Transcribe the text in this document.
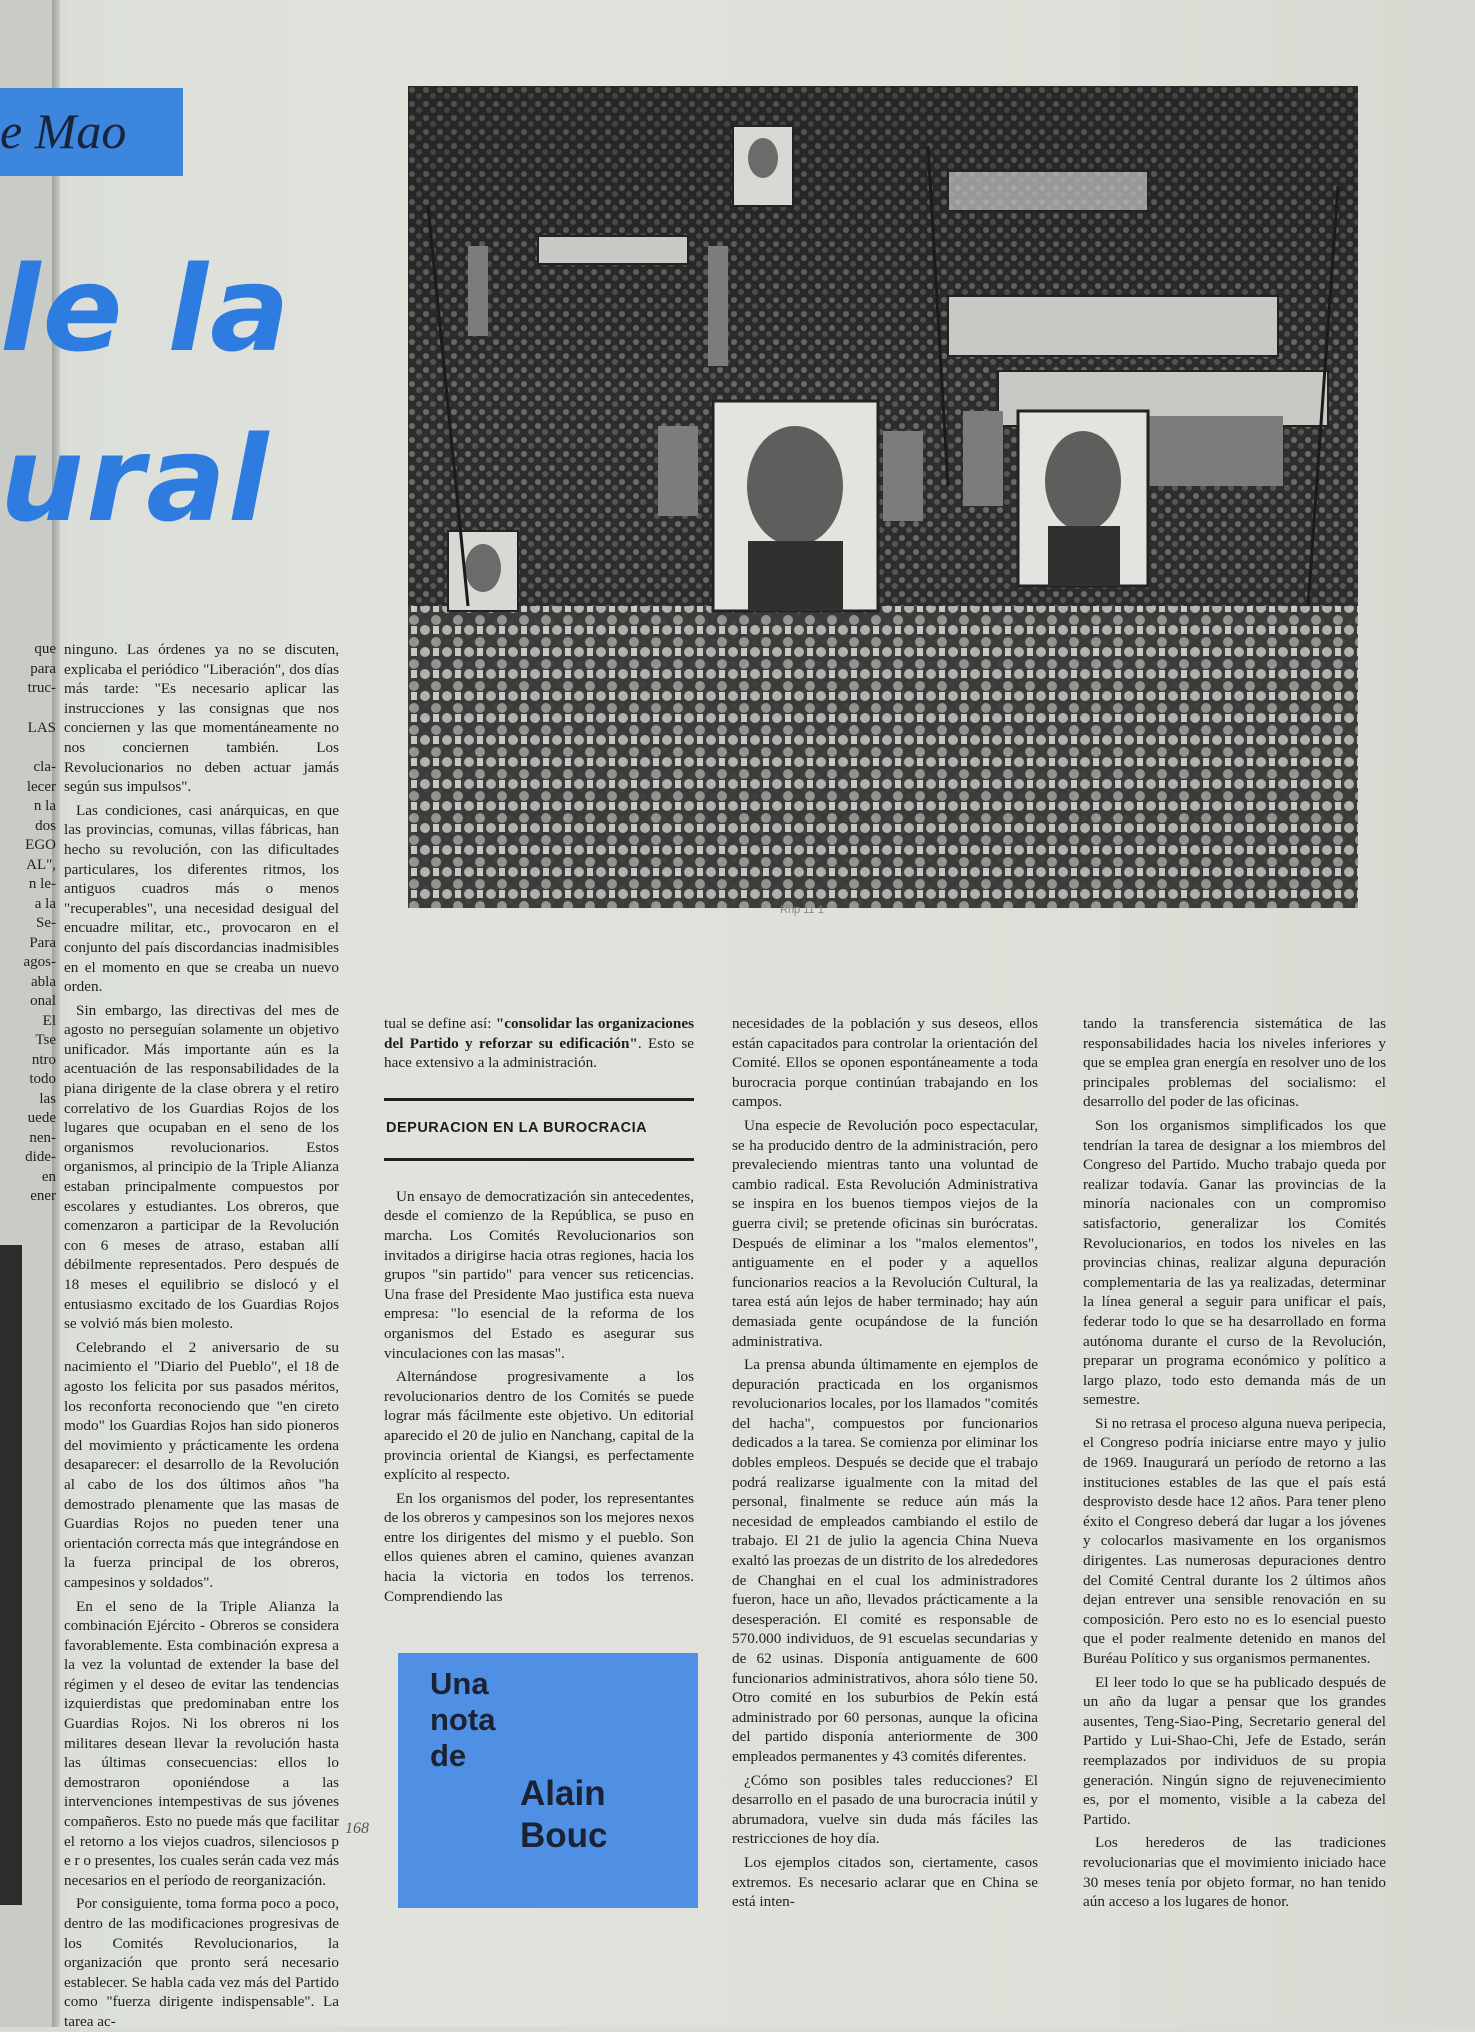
e Mao
le la
ural
que
para
truc-
LAS
cla-
lecer
n la
dos
EGO
AL",
n le-
a la
Se-
Para
agos-
abla
onal
El
Tse
ntro
todo
las
uede
nen-
dide-
en
ener
Rhp 11 1

ninguno. Las órdenes ya no se discuten, explicaba el periódico "Liberación", dos días más tarde: "Es necesario aplicar las instrucciones y las consignas que nos conciernen y las que momentáneamente no nos conciernen también. Los Revolucionarios no deben actuar jamás según sus impulsos".

Las condiciones, casi anárquicas, en que las provincias, comunas, villas fábricas, han hecho su revolución, con las dificultades particulares, los diferentes ritmos, los antiguos cuadros más o menos "recuperables", una necesidad desigual del encuadre militar, etc., provocaron en el conjunto del país discordancias inadmisibles en el momento en que se creaba un nuevo orden.

Sin embargo, las directivas del mes de agosto no perseguían solamente un objetivo unificador. Más importante aún es la acentuación de las responsabilidades de la piana dirigente de la clase obrera y el retiro correlativo de los Guardias Rojos de los lugares que ocupaban en el seno de los organismos revolucionarios. Estos organismos, al principio de la Triple Alianza estaban principalmente compuestos por escolares y estudiantes. Los obreros, que comenzaron a participar de la Revolución con 6 meses de atraso, estaban allí débilmente representados. Pero después de 18 meses el equilibrio se dislocó y el entusiasmo excitado de los Guardias Rojos se volvió más bien molesto.

Celebrando el 2 aniversario de su nacimiento el "Diario del Pueblo", el 18 de agosto los felicita por sus pasados méritos, los reconforta reconociendo que "en cireto modo" los Guardias Rojos han sido pioneros del movimiento y prácticamente les ordena desaparecer: el desarrollo de la Revolución al cabo de los dos últimos años "ha demostrado plenamente que las masas de Guardias Rojos no pueden tener una orientación correcta más que integrándose en la fuerza principal de los obreros, campesinos y soldados".

En el seno de la Triple Alianza la combinación Ejército - Obreros se considera favorablemente. Esta combinación expresa a la vez la voluntad de extender la base del régimen y el deseo de evitar las tendencias izquierdistas que predominaban entre los Guardias Rojos. Ni los obreros ni los militares desean llevar la revolución hasta las últimas consecuencias: ellos lo demostraron oponiéndose a las intervenciones intempestivas de sus jóvenes compañeros. Esto no puede más que facilitar el retorno a los viejos cuadros, silenciosos p e r o presentes, los cuales serán cada vez más necesarios en el período de reorganización.

Por consiguiente, toma forma poco a poco, dentro de las modificaciones progresivas de los Comités Revolucionarios, la organización que pronto será necesario establecer. Se habla cada vez más del Partido como "fuerza dirigente indispensable". La tarea ac-

tual se define así: "consolidar las organizaciones del Partido y reforzar su edificación". Esto se hace extensivo a la administración.

Un ensayo de democratización sin antecedentes, desde el comienzo de la República, se puso en marcha. Los Comités Revolucionarios son invitados a dirigirse hacia otras regiones, hacia los grupos "sin partido" para vencer sus reticencias. Una frase del Presidente Mao justifica esta nueva empresa: "lo esencial de la reforma de los organismos del Estado es asegurar sus vinculaciones con las masas".

Alternándose progresivamente a los revolucionarios dentro de los Comités se puede lograr más fácilmente este objetivo. Un editorial aparecido el 20 de julio en Nanchang, capital de la provincia oriental de Kiangsi, es perfectamente explícito al respecto.

En los organismos del poder, los representantes de los obreros y campesinos son los mejores nexos entre los dirigentes del mismo y el pueblo. Son ellos quienes abren el camino, quienes avanzan hacia la victoria en todos los terrenos. Comprendiendo las

DEPURACION EN LA BUROCRACIA

necesidades de la población y sus deseos, ellos están capacitados para controlar la orientación del Comité. Ellos se oponen espontáneamente a toda burocracia porque continúan trabajando en los campos.

Una especie de Revolución poco espectacular, se ha producido dentro de la administración, pero prevaleciendo mientras tanto una voluntad de cambio radical. Esta Revolución Administrativa se inspira en los buenos tiempos viejos de la guerra civil; se pretende oficinas sin burócratas. Después de eliminar a los "malos elementos", antiguamente en el poder y a aquellos funcionarios reacios a la Revolución Cultural, la tarea está aún lejos de haber terminado; hay aún demasiada gente ocupándose de la función administrativa.

La prensa abunda últimamente en ejemplos de depuración practicada en los organismos revolucionarios locales, por los llamados "comités del hacha", compuestos por funcionarios dedicados a la tarea. Se comienza por eliminar los dobles empleos. Después se decide que el trabajo podrá realizarse igualmente con la mitad del personal, finalmente se reduce aún más la necesidad de empleados cambiando el estilo de trabajo. El 21 de julio la agencia China Nueva exaltó las proezas de un distrito de los alrededores de Changhai en el cual los administradores fueron, hace un año, llevados prácticamente a la desesperación. El comité es responsable de 570.000 individuos, de 91 escuelas secundarias y de 62 usinas. Disponía antiguamente de 600 funcionarios administrativos, ahora sólo tiene 50. Otro comité en los suburbios de Pekín está administrado por 60 personas, aunque la oficina del partido disponía anteriormente de 300 empleados permanentes y 43 comités diferentes.

¿Cómo son posibles tales reducciones? El desarrollo en el pasado de una burocracia inútil y abrumadora, vuelve sin duda más fáciles las restricciones de hoy día.

Los ejemplos citados son, ciertamente, casos extremos. Es necesario aclarar que en China se está inten-

tando la transferencia sistemática de las responsabilidades hacia los niveles inferiores y que se emplea gran energía en resolver uno de los principales problemas del socialismo: el desarrollo del poder de las oficinas.

Son los organismos simplificados los que tendrían la tarea de designar a los miembros del Congreso del Partido. Mucho trabajo queda por realizar todavía. Ganar las provincias de la minoría nacionales con un compromiso satisfactorio, generalizar los Comités Revolucionarios, en todos los niveles en las provincias chinas, realizar alguna depuración complementaria de las ya realizadas, determinar la línea general a seguir para unificar el país, federar todo lo que se ha desarrollado en forma autónoma durante el curso de la Revolución, preparar un programa económico y político a largo plazo, todo esto demanda más de un semestre.

Si no retrasa el proceso alguna nueva peripecia, el Congreso podría iniciarse entre mayo y julio de 1969. Inaugurará un período de retorno a las instituciones estables de las que el país está desprovisto desde hace 12 años. Para tener pleno éxito el Congreso deberá dar lugar a los jóvenes y colocarlos masivamente en los organismos dirigentes. Las numerosas depuraciones dentro del Comité Central durante los 2 últimos años dejan entrever una sensible renovación en su composición. Pero esto no es lo esencial puesto que el poder realmente detenido en manos del Buréau Político y sus organismos permanentes.

El leer todo lo que se ha publicado después de un año da lugar a pensar que los grandes ausentes, Teng-Siao-Ping, Secretario general del Partido y Lui-Shao-Chi, Jefe de Estado, serán reemplazados por individuos de su propia generación. Ningún signo de rejuvenecimiento es, por el momento, visible a la cabeza del Partido.

Los herederos de las tradiciones revolucionarias que el movimiento iniciado hace 30 meses tenía por objeto formar, no han tenido aún acceso a los lugares de honor.

Una
nota
de
Alain
Bouc
168
